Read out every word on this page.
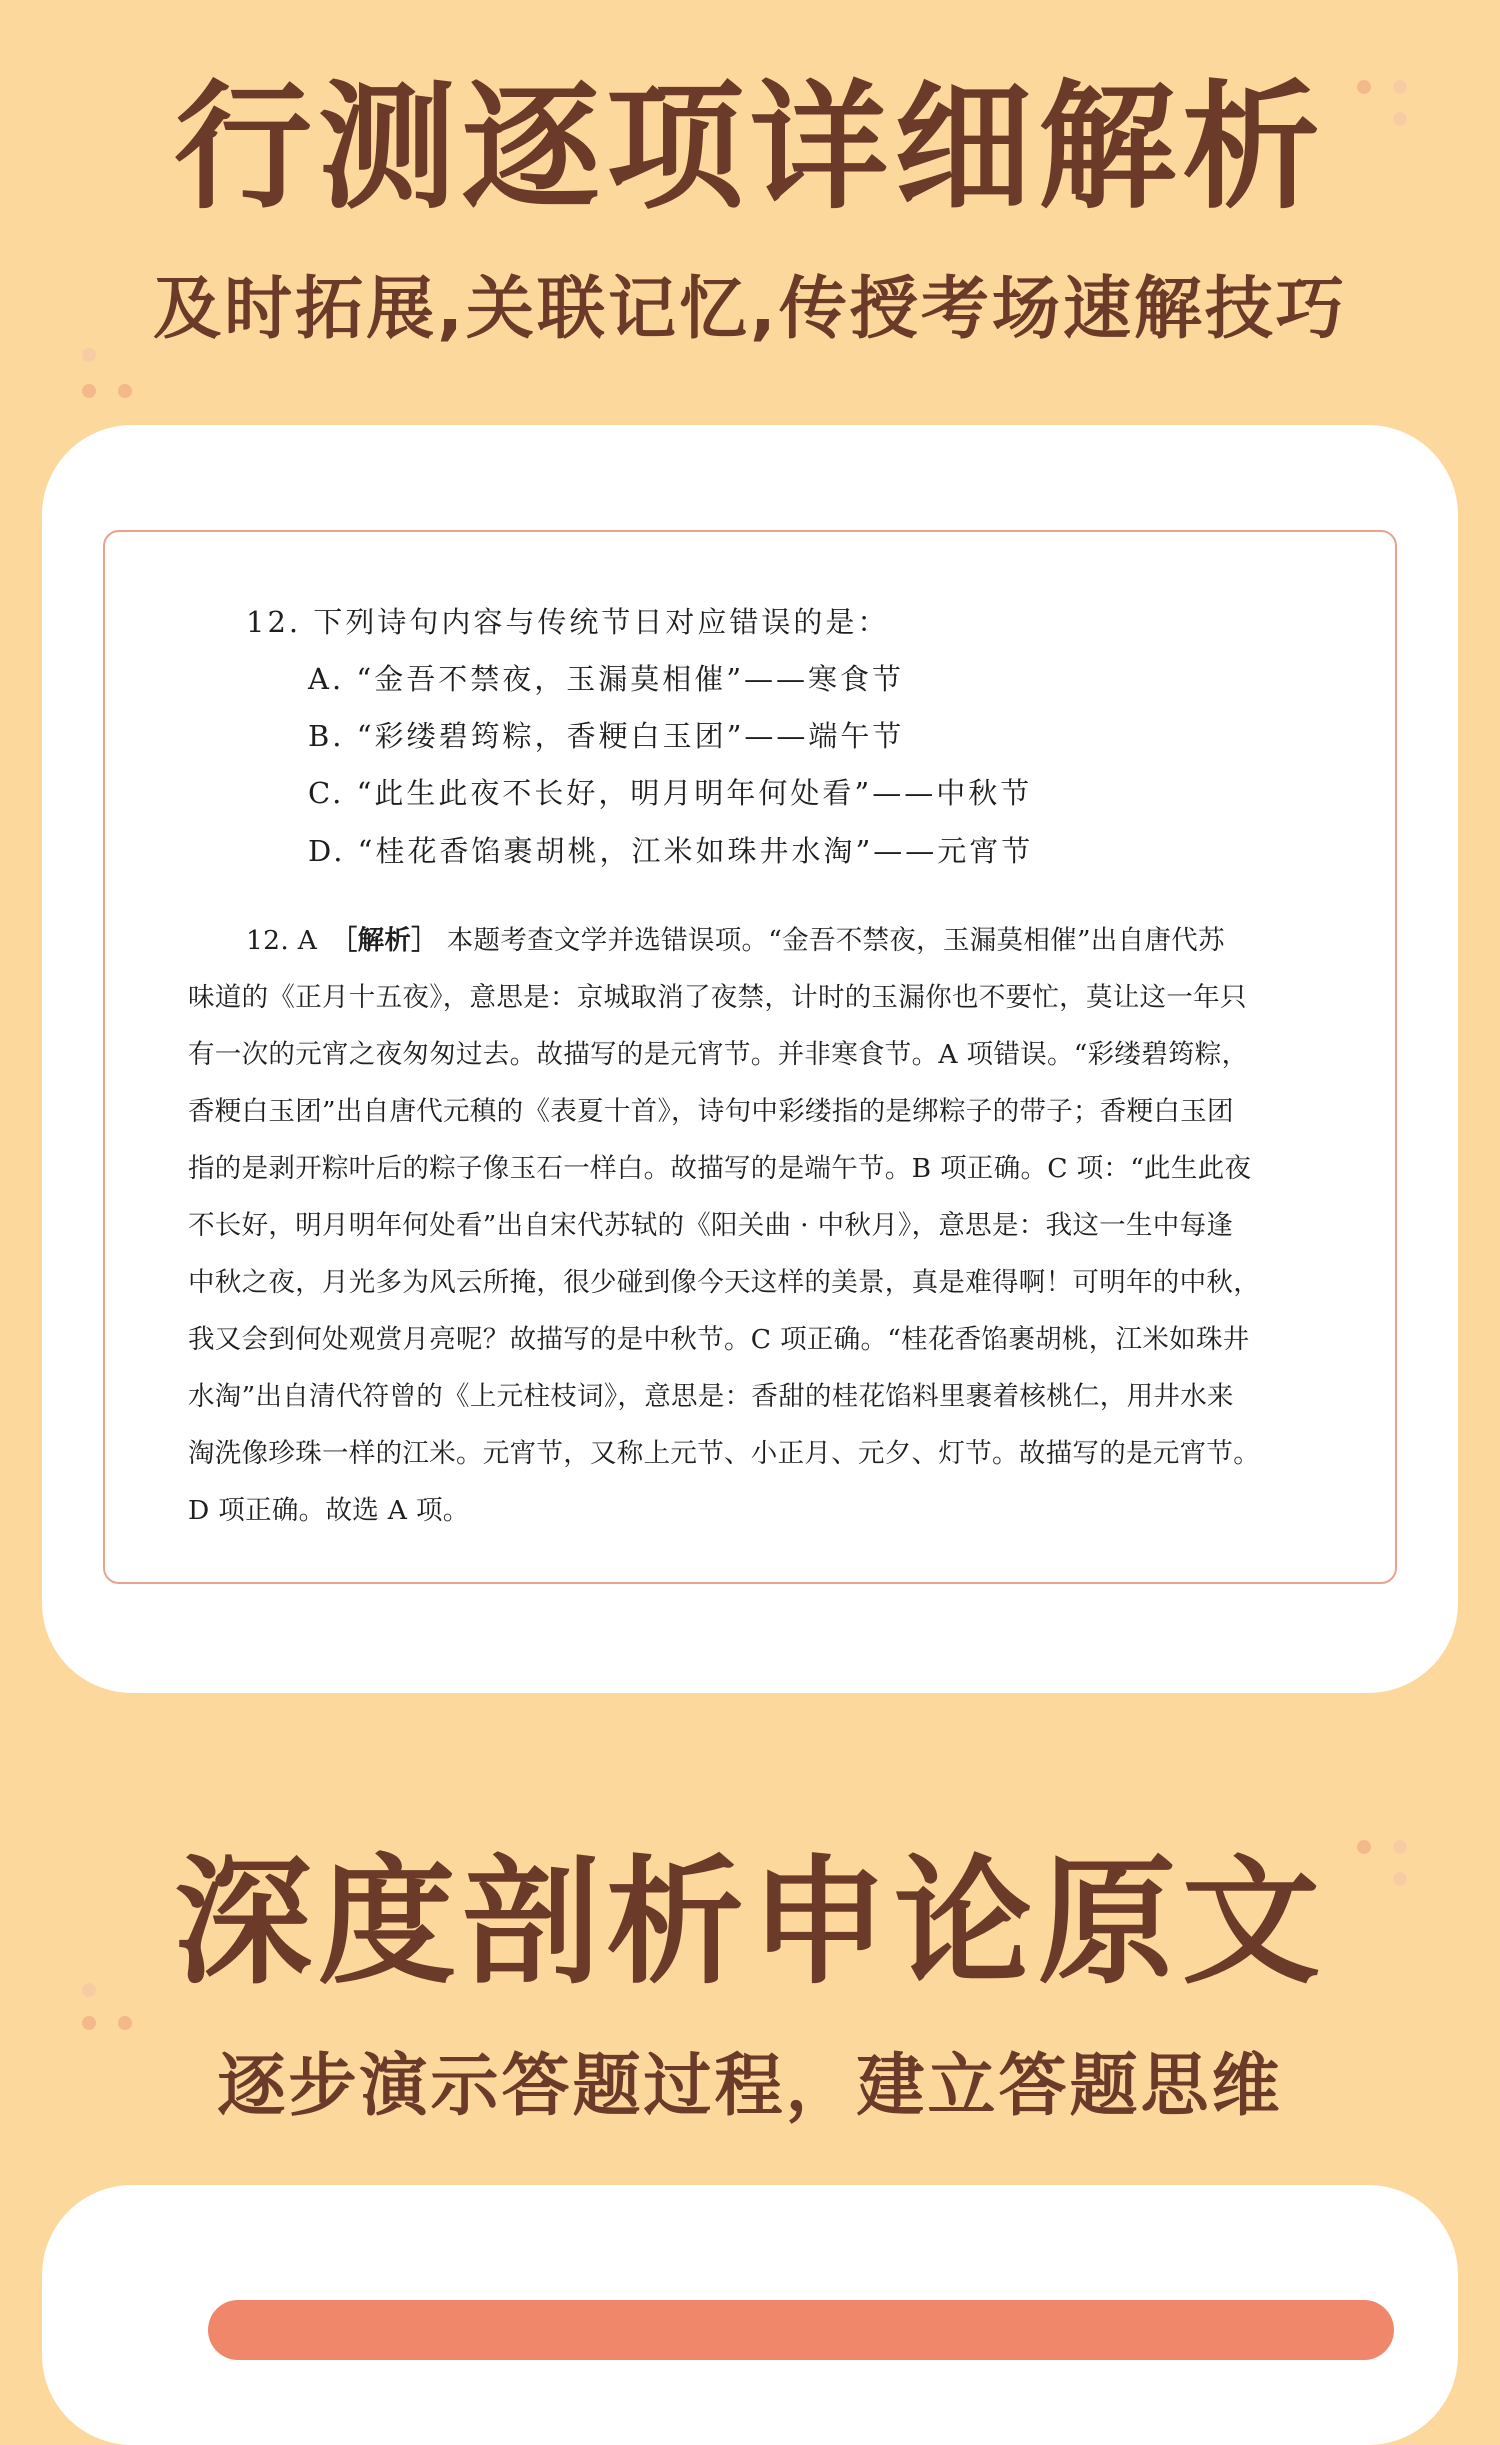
行测逐项详细解析
及时拓展,关联记忆,传授考场速解技巧
12. 下列诗句内容与传统节日对应错误的是：
A. “金吾不禁夜，玉漏莫相催”——寒食节
B. “彩缕碧筠粽，香粳白玉团”——端午节
C. “此生此夜不长好，明月明年何处看”——中秋节
D. “桂花香馅裹胡桃，江米如珠井水淘”——元宵节
12. A　［解析］ 本题考查文学并选错误项。“金吾不禁夜，玉漏莫相催”出自唐代苏
味道的《正月十五夜》，意思是：京城取消了夜禁，计时的玉漏你也不要忙，莫让这一年只
有一次的元宵之夜匆匆过去。故描写的是元宵节。并非寒食节。A 项错误。“彩缕碧筠粽，
香粳白玉团”出自唐代元稹的《表夏十首》，诗句中彩缕指的是绑粽子的带子；香粳白玉团
指的是剥开粽叶后的粽子像玉石一样白。故描写的是端午节。B 项正确。C 项：“此生此夜
不长好，明月明年何处看”出自宋代苏轼的《阳关曲 · 中秋月》，意思是：我这一生中每逢
中秋之夜，月光多为风云所掩，很少碰到像今天这样的美景，真是难得啊！可明年的中秋，
我又会到何处观赏月亮呢？故描写的是中秋节。C 项正确。“桂花香馅裹胡桃，江米如珠井
水淘”出自清代符曾的《上元柱枝词》，意思是：香甜的桂花馅料里裹着核桃仁，用井水来
淘洗像珍珠一样的江米。元宵节，又称上元节、小正月、元夕、灯节。故描写的是元宵节。
D 项正确。故选 A 项。
深度剖析申论原文
逐步演示答题过程，建立答题思维
